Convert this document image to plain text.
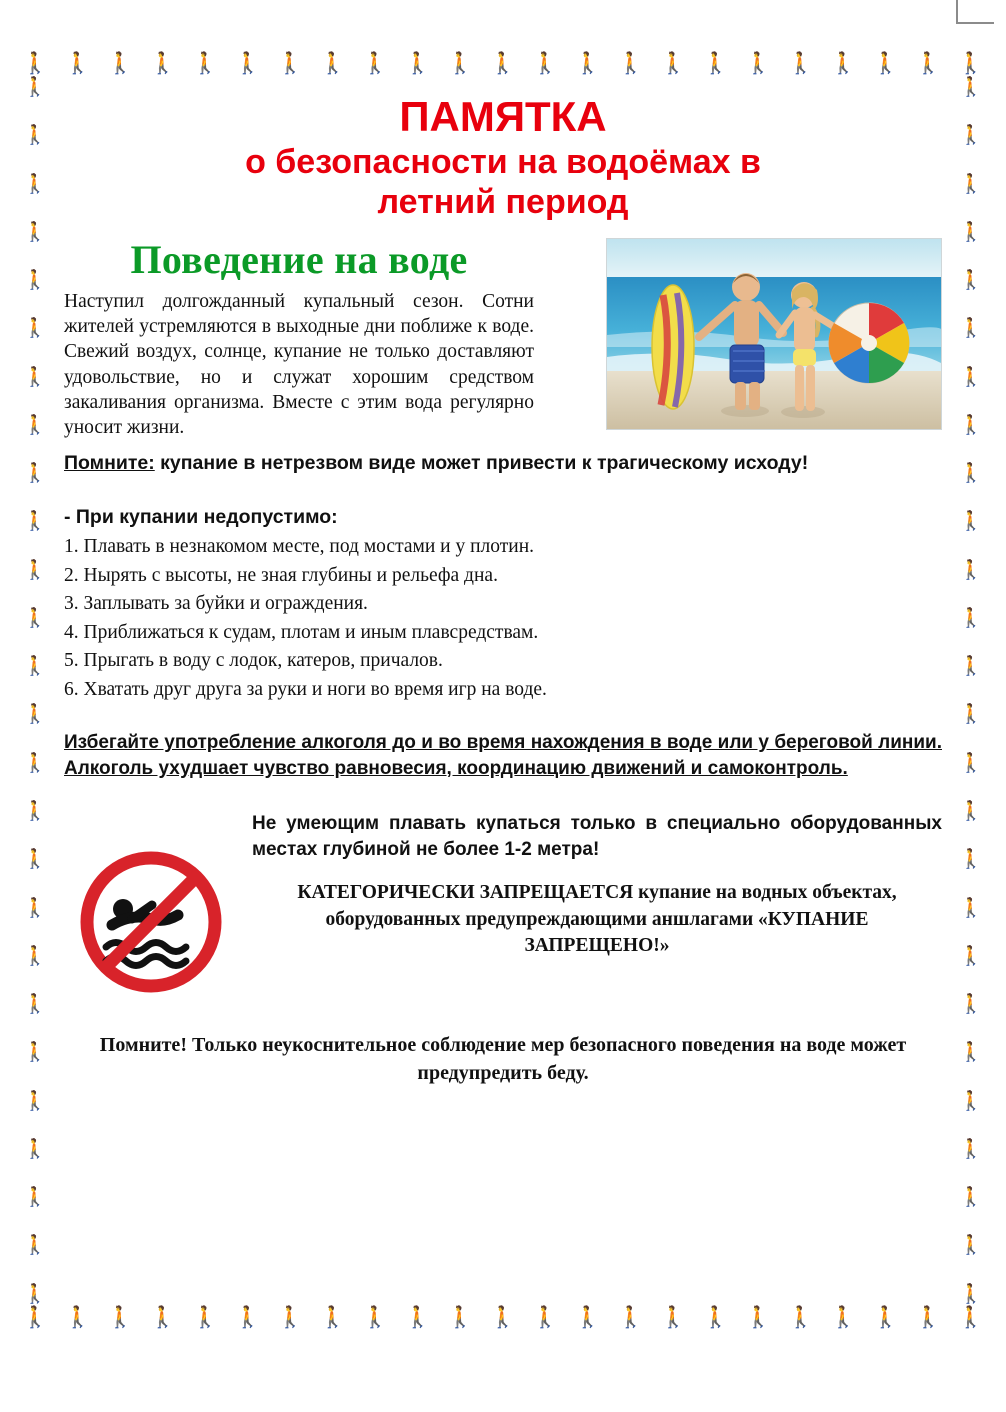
🚶 🚶 🚶 🚶 🚶 🚶 🚶 🚶 🚶 🚶 🚶 🚶 🚶 🚶 🚶 🚶 🚶 🚶 🚶 🚶 🚶 🚶 🚶
🚶 🚶 🚶 🚶 🚶 🚶 🚶 🚶 🚶 🚶 🚶 🚶 🚶 🚶 🚶 🚶 🚶 🚶 🚶 🚶 🚶 🚶 🚶
🚶
🚶
🚶
🚶
🚶
🚶
🚶
🚶
🚶
🚶
🚶
🚶
🚶
🚶
🚶
🚶
🚶
🚶
🚶
🚶
🚶
🚶
🚶
🚶
🚶
🚶
🚶
🚶
🚶
🚶
🚶
🚶
🚶
🚶
🚶
🚶
🚶
🚶
🚶
🚶
🚶
🚶
🚶
🚶
🚶
🚶
🚶
🚶
🚶
🚶
🚶
🚶
ПАМЯТКА
о безопасности на водоёмах в
летний период
Поведение на воде

Наступил долгожданный купальный сезон. Сотни жителей устремляются в выходные дни поближе к воде. Свежий воздух, солнце, купание не только доставляют удовольствие, но и служат хорошим средством закаливания организма. Вместе с этим вода регулярно уносит жизни.

Помните: купание в нетрезвом виде может привести к трагическому исходу!

- При купании недопустимо:
1. Плавать в незнакомом месте, под мостами и у плотин.
2. Нырять с высоты, не зная глубины и рельефа дна.
3. Заплывать за буйки и ограждения.
4. Приближаться к судам, плотам и иным плавсредствам.
5. Прыгать в воду с лодок, катеров, причалов.
6. Хватать друг друга за руки и ноги во время игр на воде.

Избегайте употребление алкоголя до и во время нахождения в воде или у береговой линии. Алкоголь ухудшает чувство равновесия, координацию движений и самоконтроль.

Не умеющим плавать купаться только в специально оборудованных местах глубиной не более 1-2 метра!

КАТЕГОРИЧЕСКИ ЗАПРЕЩАЕТСЯ купание на водных объектах, оборудованных предупреждающими аншлагами «КУПАНИЕ ЗАПРЕЩЕНО!»

Помните! Только неукоснительное соблюдение мер безопасного поведения на воде может предупредить беду.
